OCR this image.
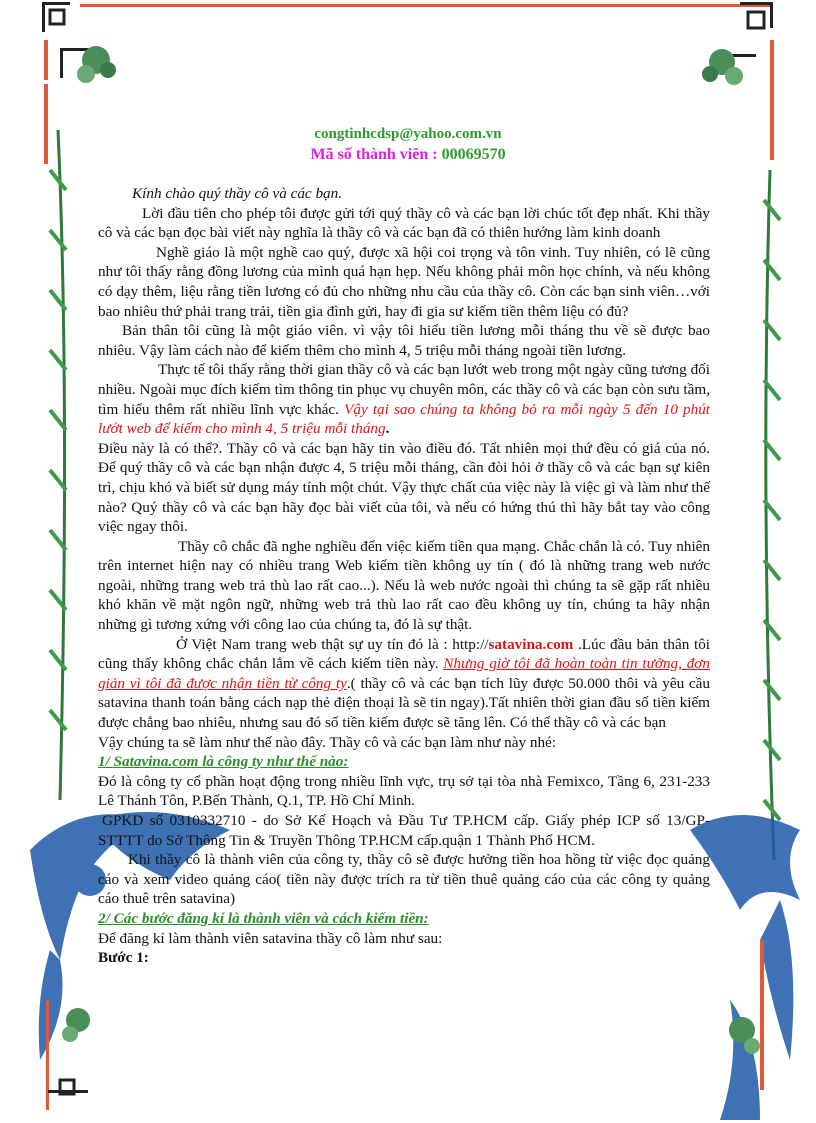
congtinhcdsp@yahoo.com.vn
Mã số thành viên : 00069570

Kính chào quý thầy cô và các bạn.

Lời đầu tiên cho phép tôi được gửi tới quý thầy cô và các bạn lời chúc tốt đẹp nhất. Khi thầy cô và các bạn đọc bài viết này nghĩa là thầy cô và các bạn đã có thiên hướng làm kinh doanh

Nghề giáo là một nghề cao quý, được xã hội coi trọng và tôn vinh. Tuy nhiên, có lẽ cũng như tôi thấy rằng đồng lương của mình quá hạn hẹp. Nếu không phải môn học chính, và nếu không có dạy thêm, liệu rằng tiền lương có đủ cho những nhu cầu của thầy cô. Còn các bạn sinh viên…với bao nhiêu thứ phải trang trải, tiền gia đình gửi, hay đi gia sư kiếm tiền thêm liệu có đủ?

Bản thân tôi cũng là một giáo viên. vì vậy tôi hiểu tiền lương mỗi tháng thu về sẽ được bao nhiêu. Vậy làm cách nào để kiếm thêm cho mình 4, 5 triệu mỗi tháng ngoài tiền lương.

Thực tế tôi thấy rằng thời gian thầy cô và các bạn lướt web trong một ngày cũng tương đối nhiều. Ngoài mục đích kiếm tìm thông tin phục vụ chuyên môn, các thầy cô và các bạn còn sưu tầm, tìm hiểu thêm rất nhiều lĩnh vực khác. Vậy tại sao chúng ta không bỏ ra mỗi ngày 5 đến 10 phút lướt web để kiếm cho mình 4, 5 triệu mỗi tháng.

Điều này là có thể?. Thầy cô và các bạn hãy tin vào điều đó. Tất nhiên mọi thứ đều có giá của nó. Để quý thầy cô và các bạn nhận được 4, 5 triệu mỗi tháng, cần đòi hỏi ở thầy cô và các bạn sự kiên trì, chịu khó và biết sử dụng máy tính một chút. Vậy thực chất của việc này là việc gì và làm như thế nào? Quý thầy cô và các bạn hãy đọc bài viết của tôi, và nếu có hứng thú thì hãy bắt tay vào công việc ngay thôi.

Thầy cô chắc đã nghe nghiều đến việc kiếm tiền qua mạng. Chắc chắn là có. Tuy nhiên trên internet hiện nay có nhiều trang Web kiếm tiền không uy tín ( đó là những trang web nước ngoài, những trang web trả thù lao rất cao...). Nếu là web nước ngoài thì chúng ta sẽ gặp rất nhiều khó khăn về mặt ngôn ngữ, những web trả thù lao rất cao đều không uy tín, chúng ta hãy nhận những gì tương xứng với công lao của chúng ta, đó là sự thật.

Ở Việt Nam trang web thật sự uy tín đó là : http://satavina.com .Lúc đầu bản thân tôi cũng thấy không chắc chắn lắm về cách kiếm tiền này. Nhưng giờ tôi đã hoàn toàn tin tưởng, đơn giản vì tôi đã được nhận tiền từ công ty.( thầy cô và các bạn tích lũy được 50.000 thôi và yêu cầu satavina thanh toán bằng cách nạp thẻ điện thoại là sẽ tin ngay).Tất nhiên thời gian đầu số tiền kiếm được chẳng bao nhiêu, nhưng sau đó số tiền kiếm được sẽ tăng lên. Có thể thầy cô và các bạn

Vậy chúng ta sẽ làm như thế nào đây. Thầy cô và các bạn làm như này nhé:

1/ Satavina.com là công ty như thế nào:

Đó là công ty cổ phần hoạt động trong nhiều lĩnh vực, trụ sở tại tòa nhà Femixco, Tầng 6, 231-233 Lê Thánh Tôn, P.Bến Thành, Q.1, TP. Hồ Chí Minh.

GPKD số 0310332710 - do Sở Kế Hoạch và Đầu Tư TP.HCM cấp. Giấy phép ICP số 13/GP-STTTT do Sở Thông Tin & Truyền Thông TP.HCM cấp.quận 1 Thành Phố HCM.

Khi thầy cô là thành viên của công ty, thầy cô sẽ được hưởng tiền hoa hồng từ việc đọc quảng cáo và xem video quảng cáo( tiền này được trích ra từ tiền thuê quảng cáo của các công ty quảng cáo thuê trên satavina)

2/ Các bước đăng kí là thành viên và cách kiếm tiền:

Để đăng kí làm thành viên satavina thầy cô làm như sau:

Bước 1:
